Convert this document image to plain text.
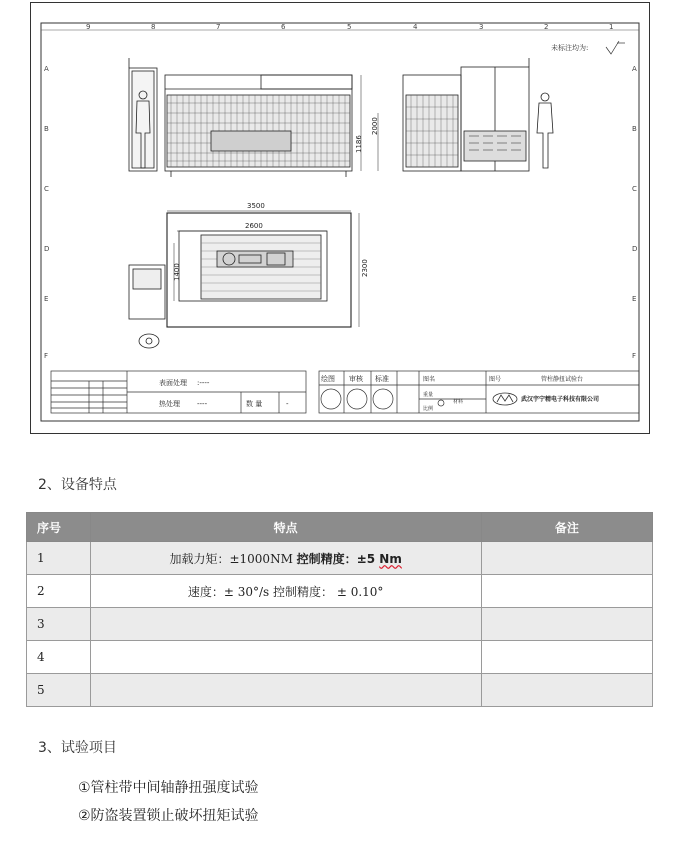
9	8	7	6	5	4	3	2	1
A
B
C
D
E
F
A
B
C
D
E
F
未标注均为:
2000
1186
3500
2600
2300
1400
表面处理 :----
热处理 ----	数 量	-
绘图 审核 标准	图名	图号	管柱静扭试验台
材料
重量
比例
武汉宇宁精电子科技有限公司
2、设备特点
序号	特点	备注
1	加载力矩：±1000NM 控制精度：±5 Nm	
2	速度：± 30°/s 控制精度： ± 0.10°	
3		
4		
5		
3、试验项目
①管柱带中间轴静扭强度试验
②防盗装置锁止破坏扭矩试验
